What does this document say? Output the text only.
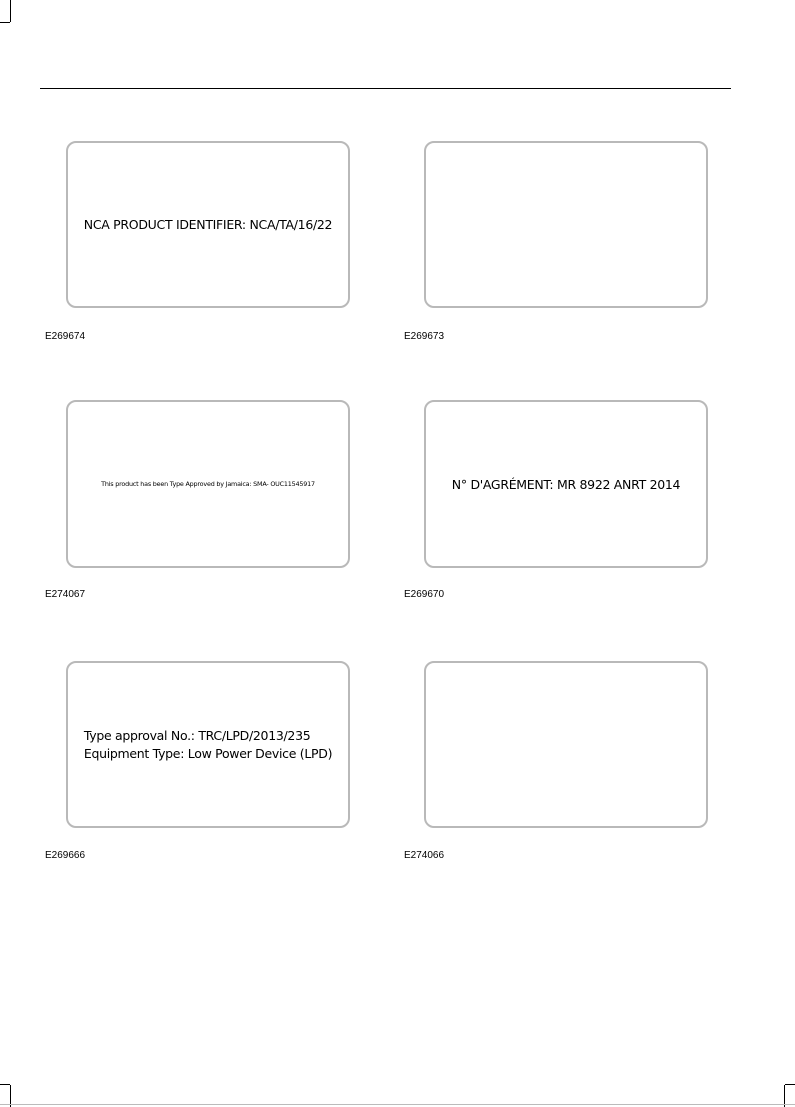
NCA PRODUCT IDENTIFIER: NCA/TA/16/22
E269674	E269673
This product has been Type Approved by Jamaica: SMA- OUC11545917
E274067
N° D'AGRÉMENT: MR 8922 ANRT 2014
E269670
Type approval No.: TRC/LPD/2013/235
Equipment Type: Low Power Device (LPD)
E269666	E274066
